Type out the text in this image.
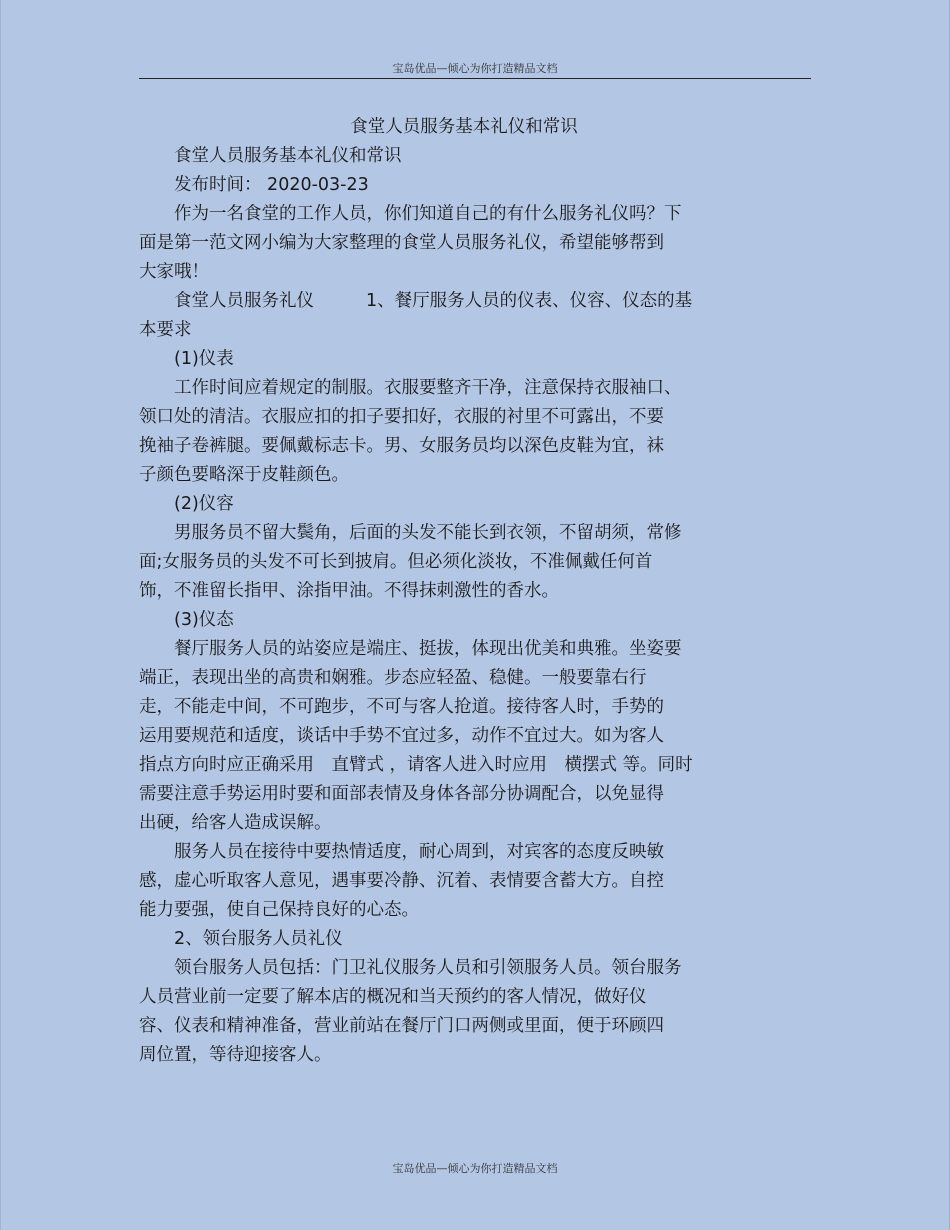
宝岛优品—倾心为你打造精品文档

食堂人员服务基本礼仪和常识

食堂人员服务基本礼仪和常识

发布时间： 2020-03-23

作为一名食堂的工作人员，你们知道自己的有什么服务礼仪吗？下

面是第一范文网小编为大家整理的食堂人员服务礼仪，希望能够帮到

大家哦！

食堂人员服务礼仪	1、餐厅服务人员的仪表、仪容、仪态的基

本要求

(1)仪表

工作时间应着规定的制服。衣服要整齐干净，注意保持衣服袖口、

领口处的清洁。衣服应扣的扣子要扣好，衣服的衬里不可露出，不要

挽袖子卷裤腿。要佩戴标志卡。男、女服务员均以深色皮鞋为宜，袜

子颜色要略深于皮鞋颜色。

(2)仪容

男服务员不留大鬓角，后面的头发不能长到衣领，不留胡须，常修

面;女服务员的头发不可长到披肩。但必须化淡妆，不准佩戴任何首

饰，不准留长指甲、涂指甲油。不得抹刺激性的香水。

(3)仪态

餐厅服务人员的站姿应是端庄、挺拔，体现出优美和典雅。坐姿要

端正，表现出坐的高贵和娴雅。步态应轻盈、稳健。一般要靠右行

走，不能走中间，不可跑步，不可与客人抢道。接待客人时，手势的

运用要规范和适度，谈话中手势不宜过多，动作不宜过大。如为客人

指点方向时应正确采用　直臂式 ，请客人进入时应用　横摆式 等。同时

需要注意手势运用时要和面部表情及身体各部分协调配合，以免显得

出硬，给客人造成误解。

服务人员在接待中要热情适度，耐心周到，对宾客的态度反映敏

感，虚心听取客人意见，遇事要冷静、沉着、表情要含蓄大方。自控

能力要强，使自己保持良好的心态。

2、领台服务人员礼仪

领台服务人员包括：门卫礼仪服务人员和引领服务人员。领台服务

人员营业前一定要了解本店的概况和当天预约的客人情况，做好仪

容、仪表和精神准备，营业前站在餐厅门口两侧或里面，便于环顾四

周位置，等待迎接客人。

宝岛优品—倾心为你打造精品文档
